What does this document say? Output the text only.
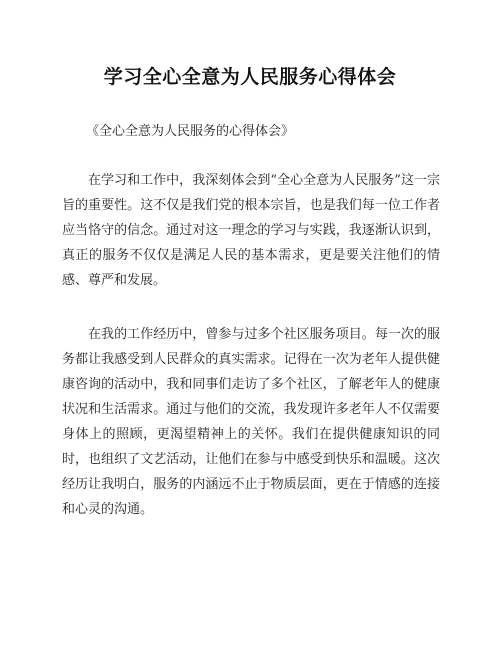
学习全心全意为人民服务心得体会

《全心全意为人民服务的心得体会》

在学习和工作中，我深刻体会到“全心全意为人民服务”这一宗旨的重要性。这不仅是我们党的根本宗旨，也是我们每一位工作者应当恪守的信念。通过对这一理念的学习与实践，我逐渐认识到，真正的服务不仅仅是满足人民的基本需求，更是要关注他们的情感、尊严和发展。

在我的工作经历中，曾参与过多个社区服务项目。每一次的服务都让我感受到人民群众的真实需求。记得在一次为老年人提供健康咨询的活动中，我和同事们走访了多个社区，了解老年人的健康状况和生活需求。通过与他们的交流，我发现许多老年人不仅需要身体上的照顾，更渴望精神上的关怀。我们在提供健康知识的同时，也组织了文艺活动，让他们在参与中感受到快乐和温暖。这次经历让我明白，服务的内涵远不止于物质层面，更在于情感的连接和心灵的沟通。
